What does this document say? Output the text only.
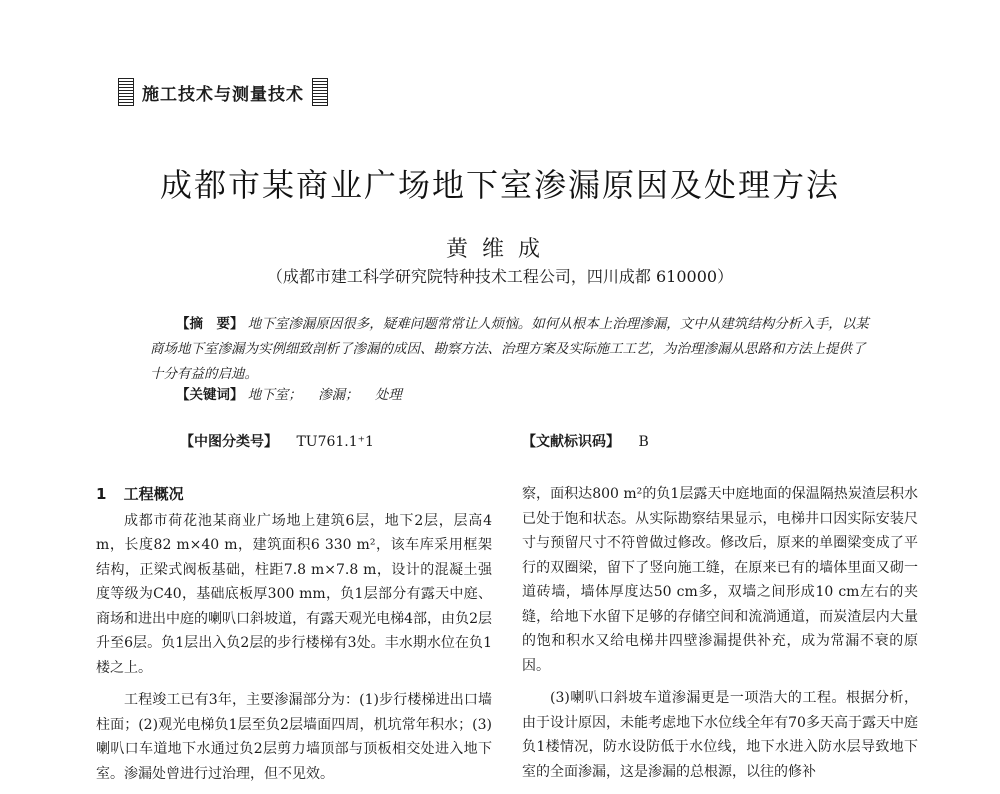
施工技术与测量技术
成都市某商业广场地下室渗漏原因及处理方法
黄维成
（成都市建工科学研究院特种技术工程公司，四川成都 610000）
【摘　要】 地下室渗漏原因很多，疑难问题常常让人烦恼。如何从根本上治理渗漏，文中从建筑结构分析入手，以某商场地下室渗漏为实例细致剖析了渗漏的成因、勘察方法、治理方案及实际施工工艺，为治理渗漏从思路和方法上提供了十分有益的启迪。
【关键词】 地下室； 渗漏； 处理
【中图分类号】 TU761.1⁺1	【文献标识码】 B
1 工程概况

成都市荷花池某商业广场地上建筑6层，地下2层，层高4 m，长度82 m×40 m，建筑面积6 330 m²，该车库采用框架结构，正梁式阀板基础，柱距7.8 m×7.8 m，设计的混凝土强度等级为C40，基础底板厚300 mm，负1层部分有露天中庭、商场和进出中庭的喇叭口斜坡道，有露天观光电梯4部，由负2层升至6层。负1层出入负2层的步行楼梯有3处。丰水期水位在负1楼之上。

工程竣工已有3年，主要渗漏部分为：(1)步行楼梯进出口墙柱面；(2)观光电梯负1层至负2层墙面四周，机坑常年积水；(3)喇叭口车道地下水通过负2层剪力墙顶部与顶板相交处进入地下室。渗漏处曾进行过治理，但不见效。

察，面积达800 m²的负1层露天中庭地面的保温隔热炭渣层积水已处于饱和状态。从实际勘察结果显示，电梯井口因实际安装尺寸与预留尺寸不符曾做过修改。修改后，原来的单圈梁变成了平行的双圈梁，留下了竖向施工缝，在原来已有的墙体里面又砌一道砖墙，墙体厚度达50 cm多，双墙之间形成10 cm左右的夹缝，给地下水留下足够的存储空间和流淌通道，而炭渣层内大量的饱和积水又给电梯井四壁渗漏提供补充，成为常漏不衰的原因。

(3)喇叭口斜坡车道渗漏更是一项浩大的工程。根据分析，由于设计原因，未能考虑地下水位线全年有70多天高于露天中庭负1楼情况，防水设防低于水位线，地下水进入防水层导致地下室的全面渗漏，这是渗漏的总根源，以往的修补
